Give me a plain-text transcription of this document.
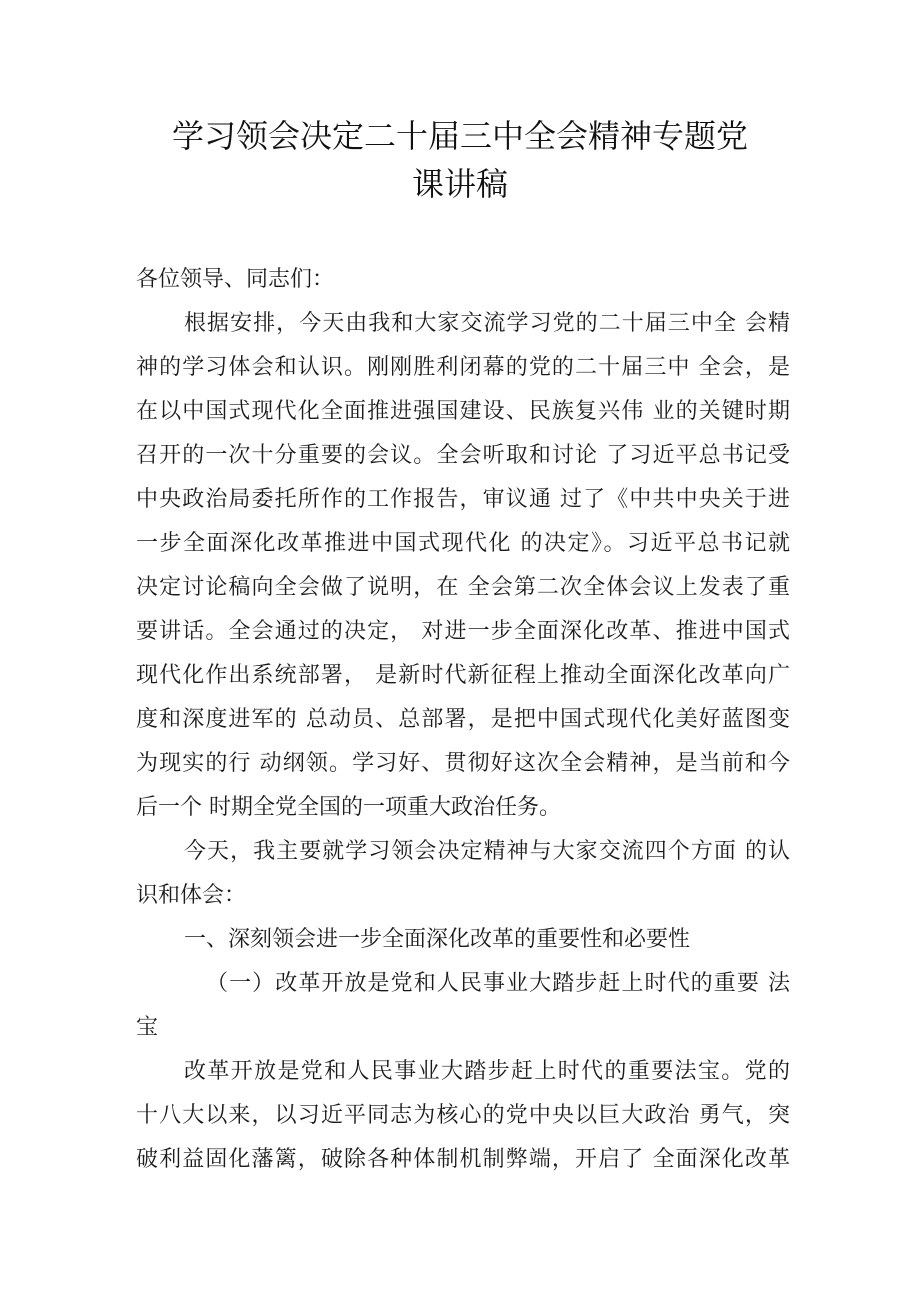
学习领会决定二十届三中全会精神专题党
课讲稿
各位领导、同志们：
根据安排，今天由我和大家交流学习党的二十届三中全 会精
神的学习体会和认识。刚刚胜利闭幕的党的二十届三中 全会，是
在以中国式现代化全面推进强国建设、民族复兴伟 业的关键时期
召开的一次十分重要的会议。全会听取和讨论 了习近平总书记受
中央政治局委托所作的工作报告，审议通 过了《中共中央关于进
一步全面深化改革推进中国式现代化 的决定》。习近平总书记就
决定讨论稿向全会做了说明，在 全会第二次全体会议上发表了重
要讲话。全会通过的决定， 对进一步全面深化改革、推进中国式
现代化作出系统部署， 是新时代新征程上推动全面深化改革向广
度和深度进军的 总动员、总部署，是把中国式现代化美好蓝图变
为现实的行 动纲领。学习好、贯彻好这次全会精神，是当前和今
后一个 时期全党全国的一项重大政治任务。
今天，我主要就学习领会决定精神与大家交流四个方面 的认
识和体会：
一、深刻领会进一步全面深化改革的重要性和必要性
（一）改革开放是党和人民事业大踏步赶上时代的重要 法
宝
改革开放是党和人民事业大踏步赶上时代的重要法宝。党的
十八大以来，以习近平同志为核心的党中央以巨大政治 勇气，突
破利益固化藩篱，破除各种体制机制弊端，开启了 全面深化改革
